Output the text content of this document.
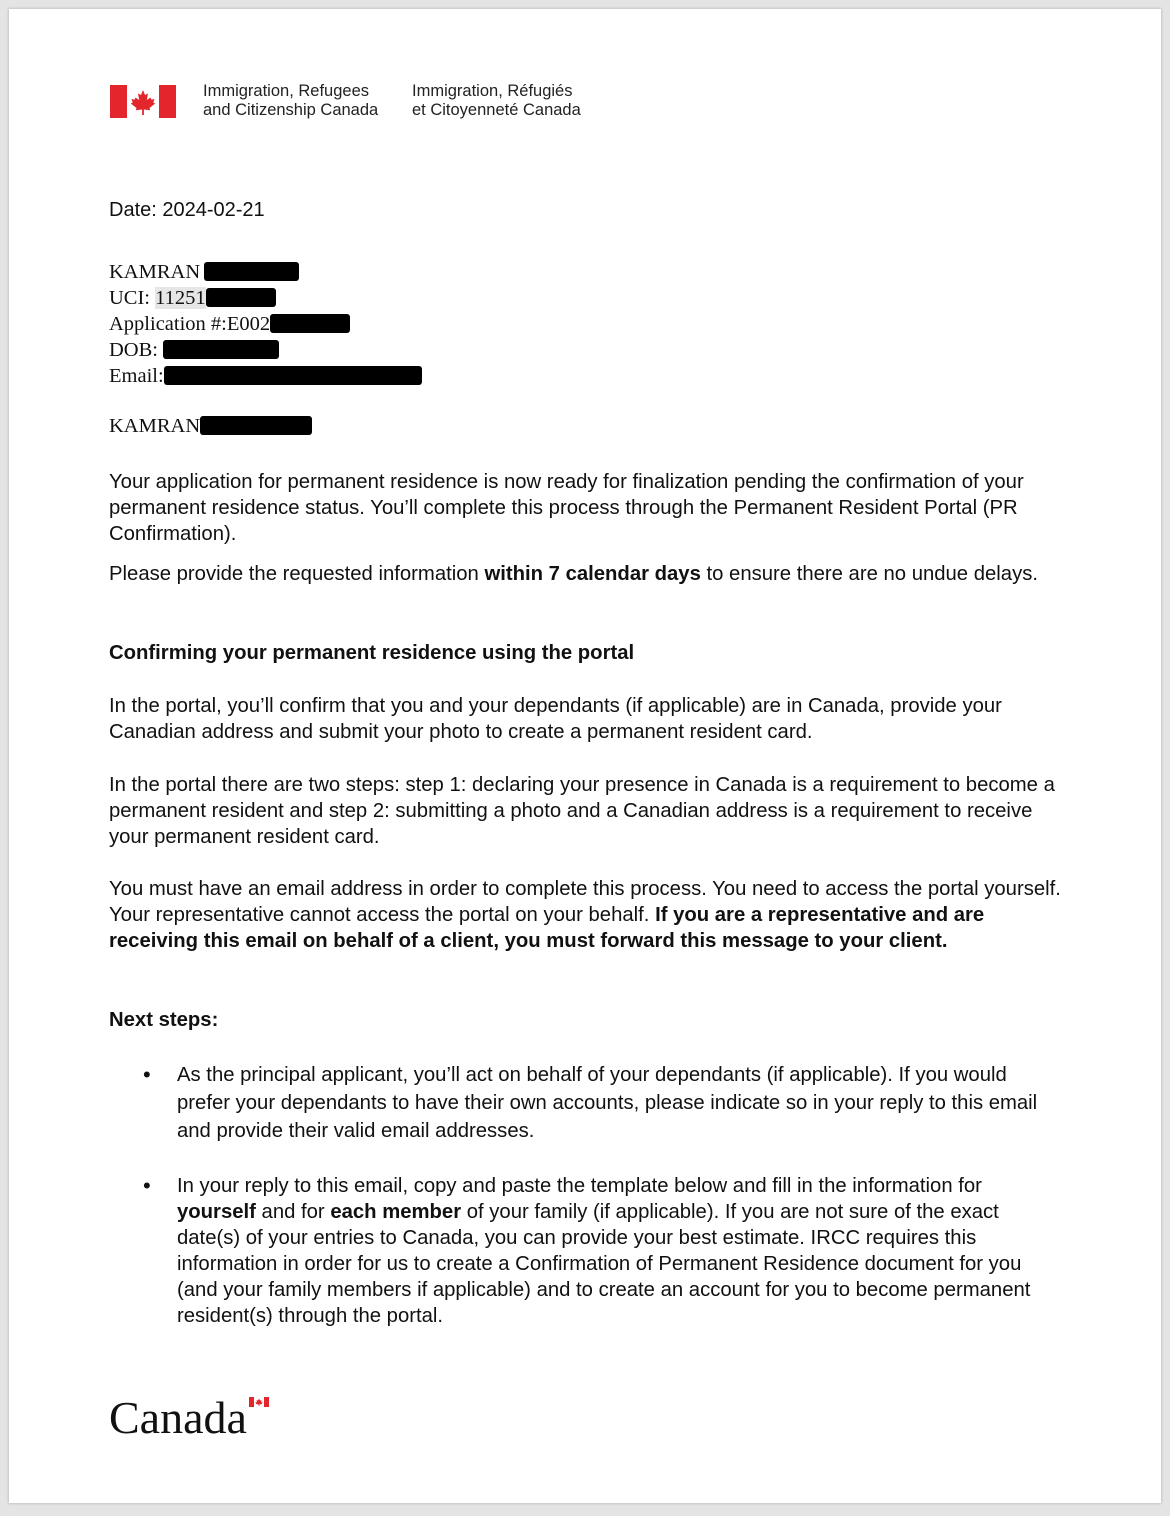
Immigration, Refugees
and Citizenship Canada
Immigration, Réfugiés
et Citoyenneté Canada
Date: 2024-02-21
KAMRAN
UCI: 11251
Application #:E002
DOB:
Email:
KAMRAN
Your application for permanent residence is now ready for finalization pending the confirmation of your permanent residence status. You’ll complete this process through the Permanent Resident Portal (PR Confirmation).
Please provide the requested information within 7 calendar days to ensure there are no undue delays.
Confirming your permanent residence using the portal
In the portal, you’ll confirm that you and your dependants (if applicable) are in Canada, provide your Canadian address and submit your photo to create a permanent resident card.
In the portal there are two steps: step 1: declaring your presence in Canada is a requirement to become a permanent resident and step 2: submitting a photo and a Canadian address is a requirement to receive your permanent resident card.
You must have an email address in order to complete this process. You need to access the portal yourself. Your representative cannot access the portal on your behalf. If you are a representative and are receiving this email on behalf of a client, you must forward this message to your client.
Next steps:
• As the principal applicant, you’ll act on behalf of your dependants (if applicable). If you would prefer your dependants to have their own accounts, please indicate so in your reply to this email and provide their valid email addresses.
• In your reply to this email, copy and paste the template below and fill in the information for yourself and for each member of your family (if applicable). If you are not sure of the exact date(s) of your entries to Canada, you can provide your best estimate. IRCC requires this information in order for us to create a Confirmation of Permanent Residence document for you (and your family members if applicable) and to create an account for you to become permanent resident(s) through the portal.
Canada
